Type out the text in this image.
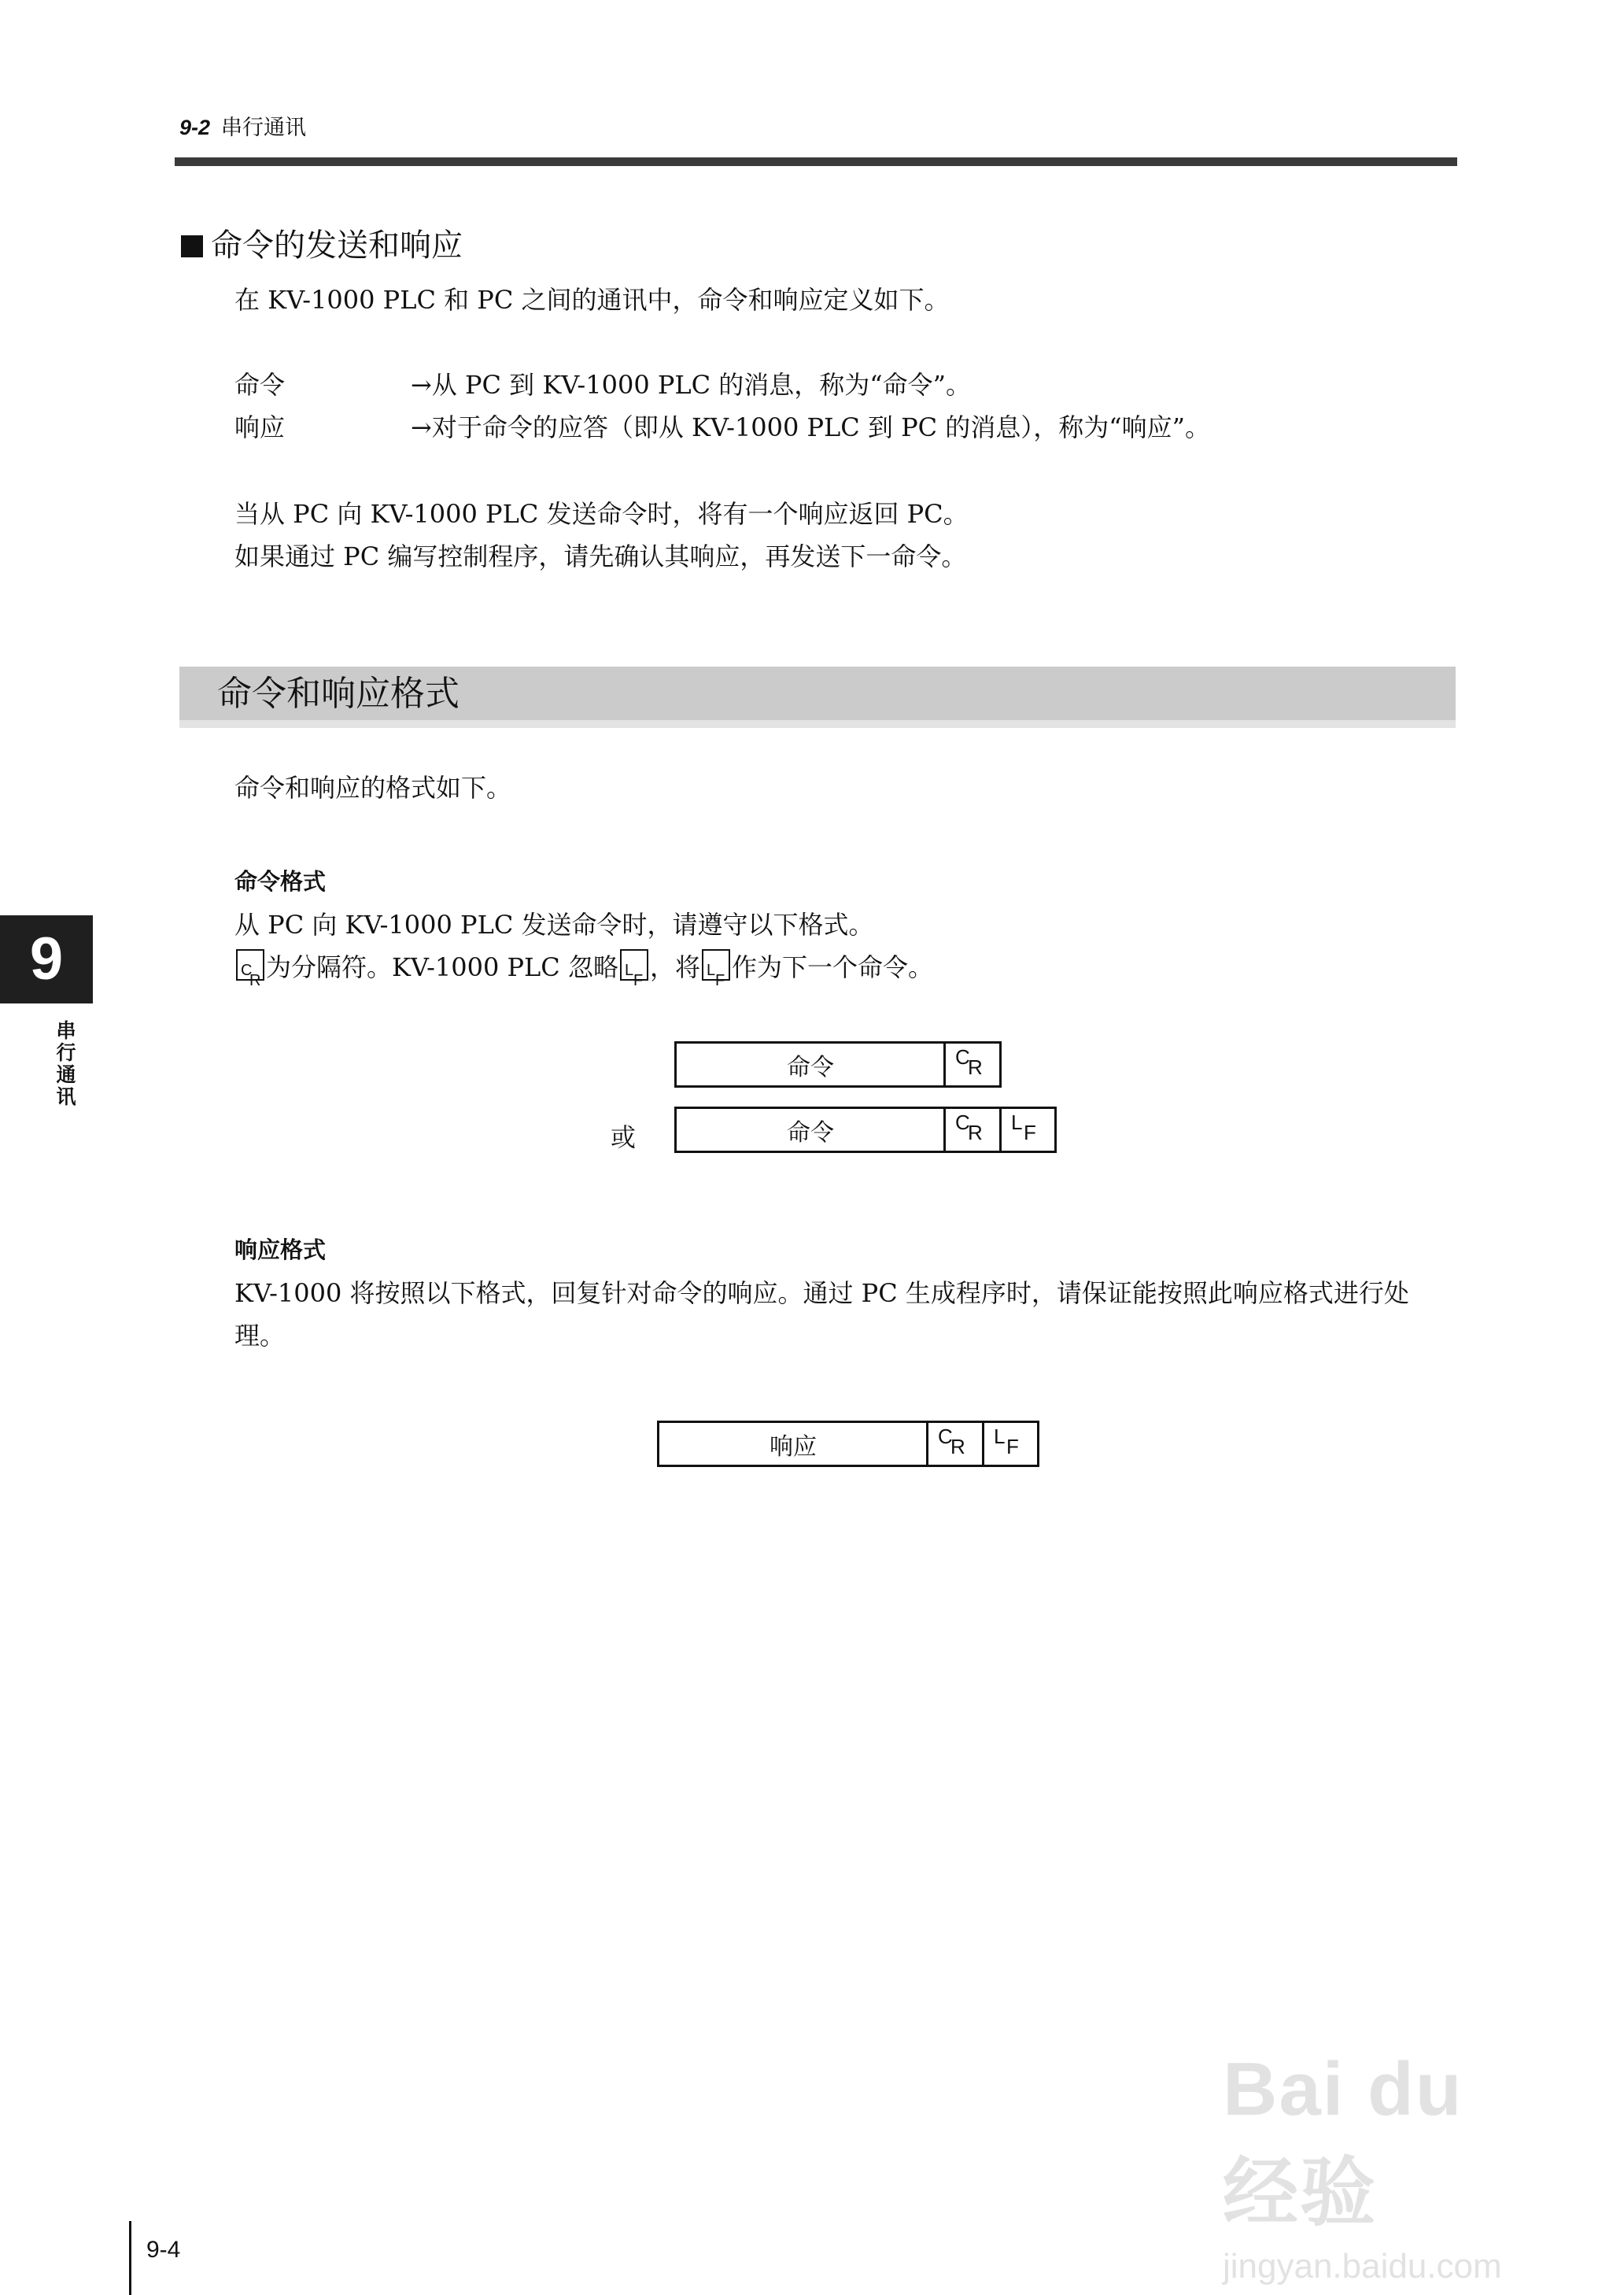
9-2 串行通讯
命令的发送和响应
在 KV-1000 PLC 和 PC 之间的通讯中，命令和响应定义如下。
命令	→从 PC 到 KV-1000 PLC 的消息，称为“命令”。
响应	→对于命令的应答（即从 KV-1000 PLC 到 PC 的消息），称为“响应”。
当从 PC 向 KV-1000 PLC 发送命令时，将有一个响应返回 PC。
如果通过 PC 编写控制程序，请先确认其响应，再发送下一命令。
命令和响应格式
命令和响应的格式如下。
命令格式
从 PC 向 KV-1000 PLC 发送命令时，请遵守以下格式。
C
R 为分隔符。KV-1000 PLC 忽略 L
F ，将 L
F 作为下一个命令。
命令	C
R
或	命令	C
R L F
响应格式
KV-1000 将按照以下格式，回复针对命令的响应。通过 PC 生成程序时，请保证能按照此响应格式进行处
理。
响应	C
R L F
9
串行通讯
9-4
Bai du 经验
jingyan.baidu.com
